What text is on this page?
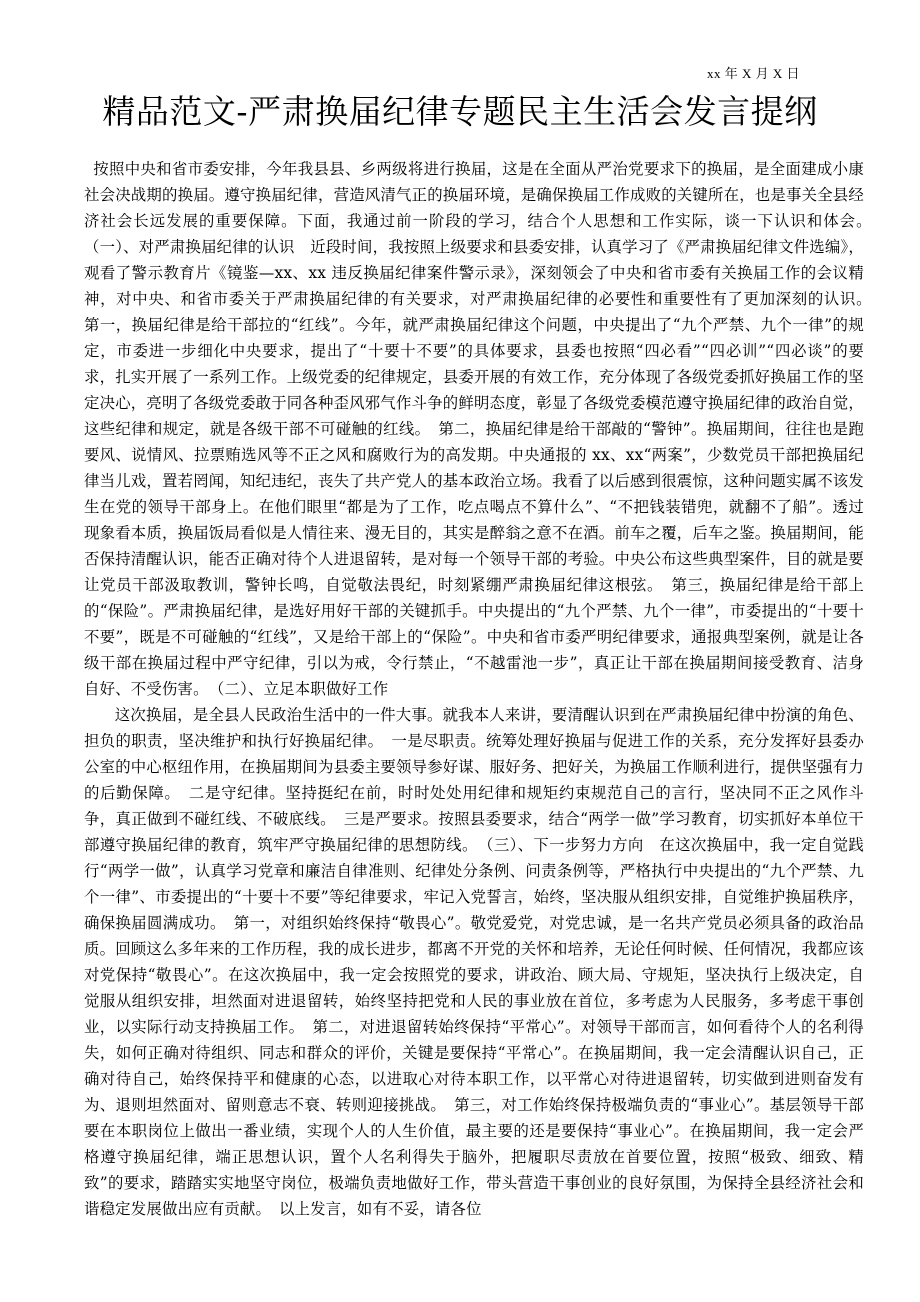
xx 年 X 月 X 日
精品范文-严肃换届纪律专题民主生活会发言提纲

按照中央和省市委安排，今年我县县、乡两级将进行换届，这是在全面从严治党要求下的换届，是全面建成小康社会决战期的换届。遵守换届纪律，营造风清气正的换届环境，是确保换届工作成败的关键所在，也是事关全县经济社会长远发展的重要保障。下面，我通过前一阶段的学习，结合个人思想和工作实际，谈一下认识和体会。　（一）、对严肃换届纪律的认识　近段时间，我按照上级要求和县委安排，认真学习了《严肃换届纪律文件选编》，观看了警示教育片《镜鉴—xx、xx 违反换届纪律案件警示录》，深刻领会了中央和省市委有关换届工作的会议精神，对中央、和省市委关于严肃换届纪律的有关要求，对严肃换届纪律的必要性和重要性有了更加深刻的认识。　第一，换届纪律是给干部拉的“红线”。今年，就严肃换届纪律这个问题，中央提出了“九个严禁、九个一律”的规定，市委进一步细化中央要求，提出了“十要十不要”的具体要求，县委也按照“四必看”“四必训”“四必谈”的要求，扎实开展了一系列工作。上级党委的纪律规定，县委开展的有效工作，充分体现了各级党委抓好换届工作的坚定决心，亮明了各级党委敢于同各种歪风邪气作斗争的鲜明态度，彰显了各级党委模范遵守换届纪律的政治自觉，这些纪律和规定，就是各级干部不可碰触的红线。　第二，换届纪律是给干部敲的“警钟”。换届期间，往往也是跑要风、说情风、拉票贿选风等不正之风和腐败行为的高发期。中央通报的 xx、xx“两案”，少数党员干部把换届纪律当儿戏，置若罔闻，知纪违纪，丧失了共产党人的基本政治立场。我看了以后感到很震惊，这种问题实属不该发生在党的领导干部身上。在他们眼里“都是为了工作，吃点喝点不算什么”、“不把钱装错兜，就翻不了船”。透过现象看本质，换届饭局看似是人情往来、漫无目的，其实是醉翁之意不在酒。前车之覆，后车之鉴。换届期间，能否保持清醒认识，能否正确对待个人进退留转，是对每一个领导干部的考验。中央公布这些典型案件，目的就是要让党员干部汲取教训，警钟长鸣，自觉敬法畏纪，时刻紧绷严肃换届纪律这根弦。　第三，换届纪律是给干部上的“保险”。严肃换届纪律，是选好用好干部的关键抓手。中央提出的“九个严禁、九个一律”，市委提出的“十要十不要”，既是不可碰触的“红线”，又是给干部上的“保险”。中央和省市委严明纪律要求，通报典型案例，就是让各级干部在换届过程中严守纪律，引以为戒，令行禁止，“不越雷池一步”，真正让干部在换届期间接受教育、洁身自好、不受伤害。　（二）、立足本职做好工作

这次换届，是全县人民政治生活中的一件大事。就我本人来讲，要清醒认识到在严肃换届纪律中扮演的角色、担负的职责，坚决维护和执行好换届纪律。　一是尽职责。统筹处理好换届与促进工作的关系，充分发挥好县委办公室的中心枢纽作用，在换届期间为县委主要领导参好谋、服好务、把好关，为换届工作顺利进行，提供坚强有力的后勤保障。　二是守纪律。坚持挺纪在前，时时处处用纪律和规矩约束规范自己的言行，坚决同不正之风作斗争，真正做到不碰红线、不破底线。　三是严要求。按照县委要求，结合“两学一做”学习教育，切实抓好本单位干部遵守换届纪律的教育，筑牢严守换届纪律的思想防线。　（三）、下一步努力方向　在这次换届中，我一定自觉践行“两学一做”，认真学习党章和廉洁自律准则、纪律处分条例、问责条例等，严格执行中央提出的“九个严禁、九个一律”、市委提出的“十要十不要”等纪律要求，牢记入党誓言，始终，坚决服从组织安排，自觉维护换届秩序，确保换届圆满成功。　第一，对组织始终保持“敬畏心”。敬党爱党，对党忠诚，是一名共产党员必须具备的政治品质。回顾这么多年来的工作历程，我的成长进步，都离不开党的关怀和培养，无论任何时候、任何情况，我都应该对党保持“敬畏心”。在这次换届中，我一定会按照党的要求，讲政治、顾大局、守规矩，坚决执行上级决定，自觉服从组织安排，坦然面对进退留转，始终坚持把党和人民的事业放在首位，多考虑为人民服务，多考虑干事创业，以实际行动支持换届工作。　第二，对进退留转始终保持“平常心”。对领导干部而言，如何看待个人的名利得失，如何正确对待组织、同志和群众的评价，关键是要保持“平常心”。在换届期间，我一定会清醒认识自己，正确对待自己，始终保持平和健康的心态，以进取心对待本职工作，以平常心对待进退留转，切实做到进则奋发有为、退则坦然面对、留则意志不衰、转则迎接挑战。　第三，对工作始终保持极端负责的“事业心”。基层领导干部要在本职岗位上做出一番业绩，实现个人的人生价值，最主要的还是要保持“事业心”。在换届期间，我一定会严格遵守换届纪律，端正思想认识，置个人名利得失于脑外，把履职尽责放在首要位置，按照“极致、细致、精致”的要求，踏踏实实地坚守岗位，极端负责地做好工作，带头营造干事创业的良好氛围，为保持全县经济社会和谐稳定发展做出应有贡献。　以上发言，如有不妥，请各位
